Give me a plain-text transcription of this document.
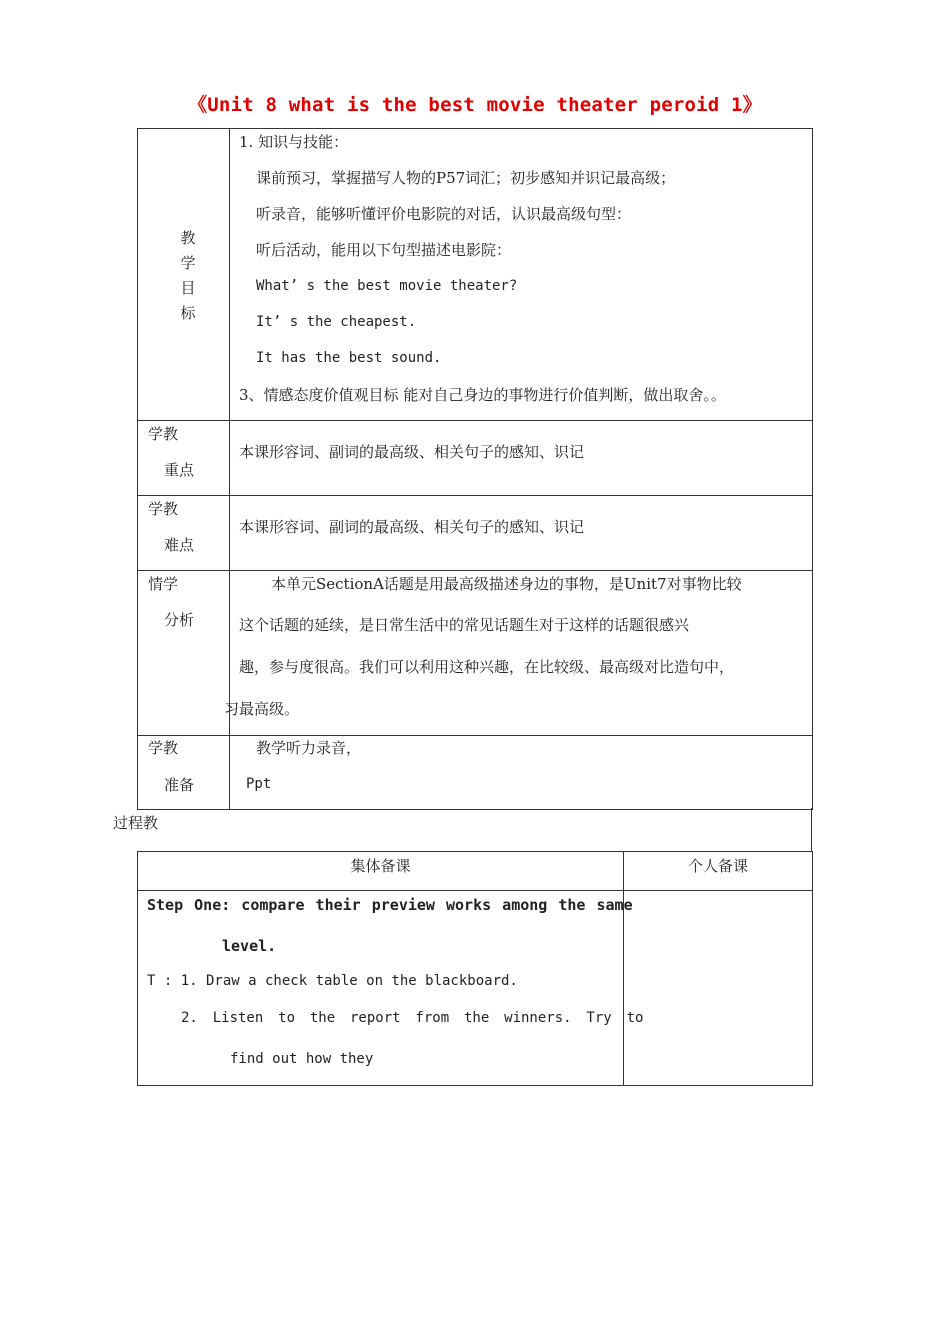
《Unit 8 what is the best movie theater peroid 1》
教
学
目
标
1. 知识与技能：
课前预习，掌握描写人物的P57词汇；初步感知并识记最高级；
听录音，能够听懂评价电影院的对话，认识最高级句型：
听后活动，能用以下句型描述电影院：
What’ s the best movie theater?
It’ s the cheapest.
It has the best sound.
3、情感态度价值观目标 能对自己身边的事物进行价值判断，做出取舍。。
学教
重点
本课形容词、副词的最高级、相关句子的感知、识记
学教
难点
本课形容词、副词的最高级、相关句子的感知、识记
情学
分析
本单元SectionA话题是用最高级描述身边的事物，是Unit7对事物比较
这个话题的延续，是日常生活中的常见话题生对于这样的话题很感兴
趣，参与度很高。我们可以利用这种兴趣，在比较级、最高级对比造句中，
习最高级。
学教
准备
教学听力录音，
Ppt
过程教
集体备课	个人备课
Step One: compare their preview works among the same
level.
T : 1. Draw a check table on the blackboard.
2.  Listen  to  the  report  from  the  winners.  Try  to
find out how they
